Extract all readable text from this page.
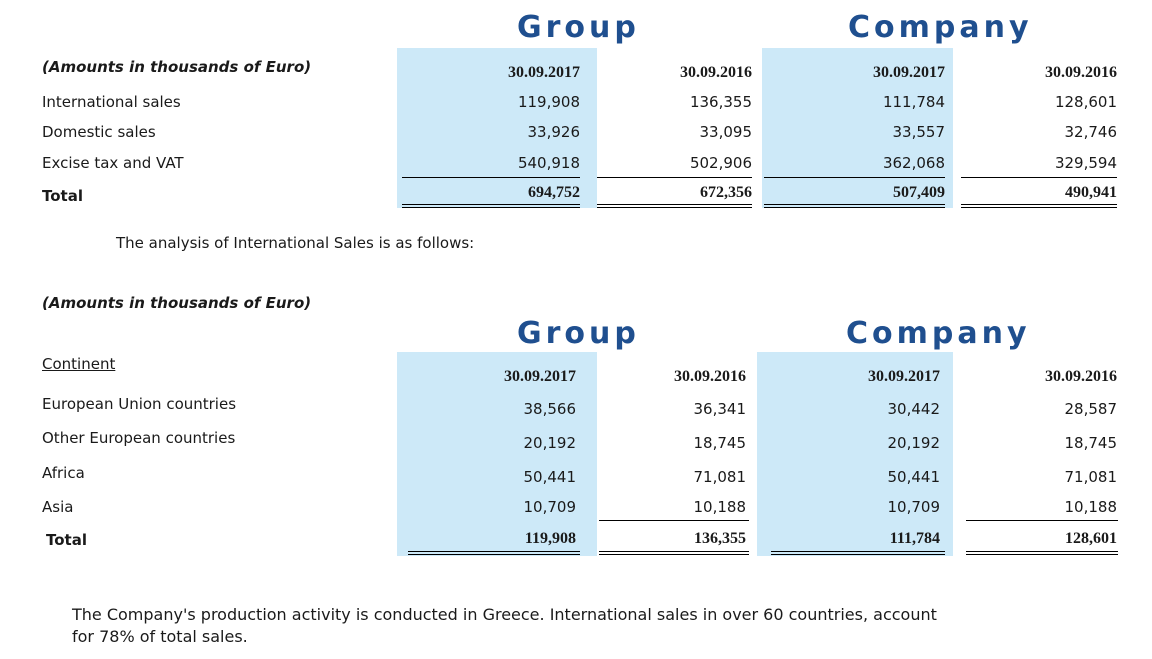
Group	Company
(Amounts in thousands of Euro)	30.09.2017	30.09.2016	30.09.2017	30.09.2016
International sales	119,908	136,355	111,784	128,601
Domestic sales	33,926	33,095	33,557	32,746
Excise tax and VAT	540,918	502,906	362,068	329,594
Total	694,752	672,356	507,409	490,941
The analysis of International Sales is as follows:
(Amounts in thousands of Euro)
Group	Company
Continent
30.09.2017	30.09.2016	30.09.2017	30.09.2016
European Union countries	38,566	36,341	30,442	28,587
Other European countries	20,192	18,745	20,192	18,745
Africa	50,441	71,081	50,441	71,081
Asia	10,709	10,188	10,709	10,188
Total	119,908	136,355	111,784	128,601
The Company's production activity is conducted in Greece. International sales in over 60 countries, account
for 78% of total sales.
